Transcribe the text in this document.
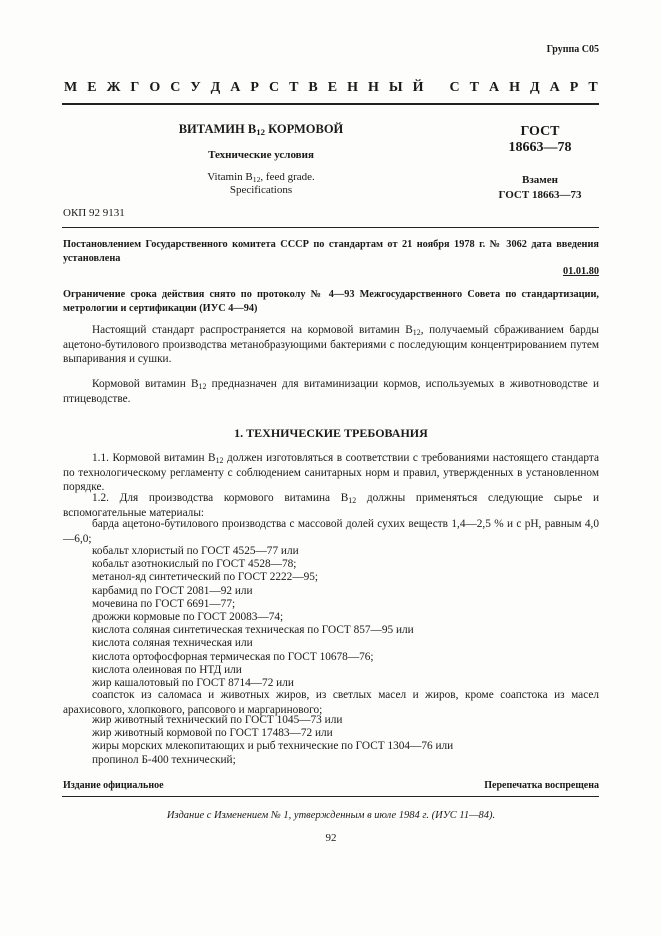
Группа С05
М Е Ж Г О С У Д А Р С Т В Е Н Н Ы Й С Т А Н Д А Р Т
ВИТАМИН $В_{12}$ КОРМОВОЙ
Технические условия
Vitamin $B_{12}$, feed grade.
Specifications
ГОСТ
18663—78
Взамен
ГОСТ 18663—73
ОКП 92 9131
Постановлением Государственного комитета СССР по стандартам от 21 ноября 1978 г. № 3062 дата введения установлена
01.01.80
Ограничение срока действия снято по протоколу № 4—93 Межгосударственного Совета по стандартизации, метрологии и сертификации (ИУС 4—94)
Настоящий стандарт распространяется на кормовой витамин $В_{12}$, получаемый сбраживанием барды ацетоно-бутилового производства метанобразующими бактериями с последующим концентрированием путем выпаривания и сушки.
Кормовой витамин $В_{12}$ предназначен для витаминизации кормов, используемых в животноводстве и птицеводстве.
1. ТЕХНИЧЕСКИЕ ТРЕБОВАНИЯ
1.1. Кормовой витамин $В_{12}$ должен изготовляться в соответствии с требованиями настоящего стандарта по технологическому регламенту с соблюдением санитарных норм и правил, утвержденных в установленном порядке.
1.2. Для производства кормового витамина $В_{12}$ должны применяться следующие сырье и вспомогательные материалы:
барда ацетоно-бутилового производства с массовой долей сухих веществ 1,4—2,5 % и с pH, равным 4,0—6,0;
кобальт хлористый по ГОСТ 4525—77 или
кобальт азотнокислый по ГОСТ 4528—78;
метанол-яд синтетический по ГОСТ 2222—95;
карбамид по ГОСТ 2081—92 или
мочевина по ГОСТ 6691—77;
дрожжи кормовые по ГОСТ 20083—74;
кислота соляная синтетическая техническая по ГОСТ 857—95 или
кислота соляная техническая или
кислота ортофосфорная термическая по ГОСТ 10678—76;
кислота олеиновая по НТД или
жир кашалотовый по ГОСТ 8714—72 или
соапсток из саломаса и животных жиров, из светлых масел и жиров, кроме соапстока из масел арахисового, хлопкового, рапсового и маргаринового;
жир животный технический по ГОСТ 1045—73 или
жир животный кормовой по ГОСТ 17483—72 или
жиры морских млекопитающих и рыб технические по ГОСТ 1304—76 или
пропинол Б-400 технический;
Издание официальное	Перепечатка воспрещена
Издание с Изменением № 1, утвержденным в июле 1984 г. (ИУС 11—84).
92
